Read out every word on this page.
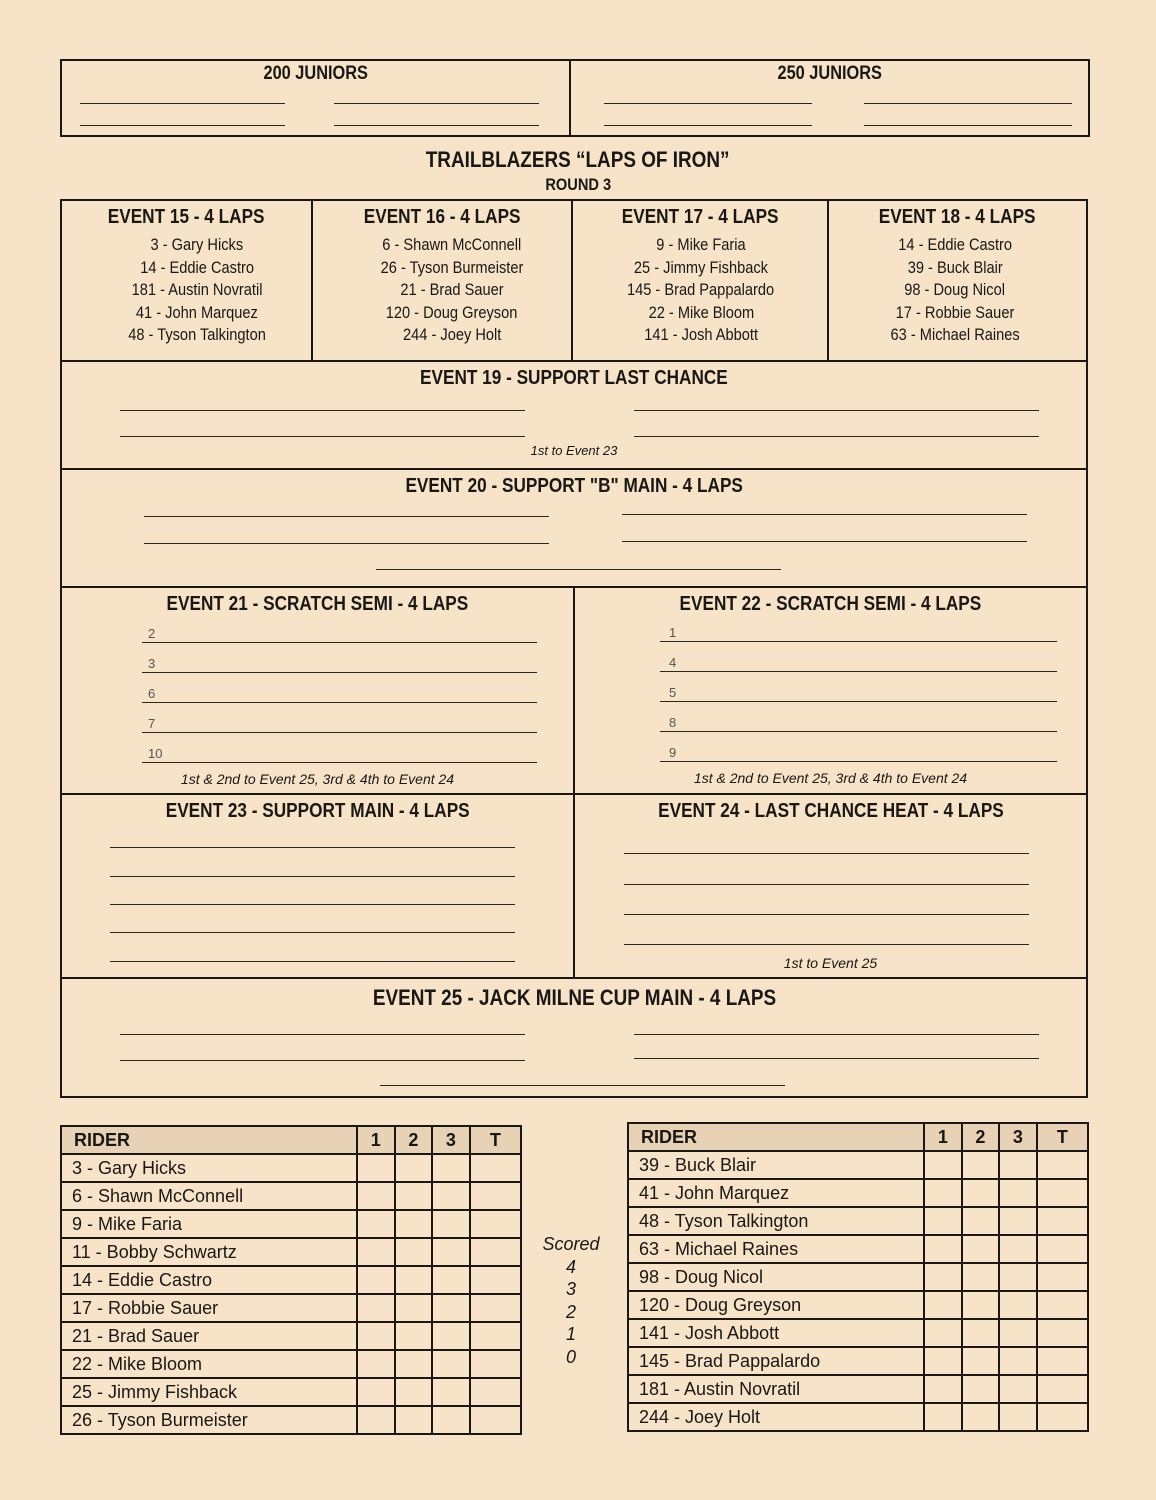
200 JUNIORS	250 JUNIORS
TRAILBLAZERS “LAPS OF IRON”
ROUND 3
EVENT 15 - 4 LAPS
3 - Gary Hicks
14 - Eddie Castro
181 - Austin Novratil
41 - John Marquez
48 - Tyson Talkington
EVENT 16 - 4 LAPS
6 - Shawn McConnell
26 - Tyson Burmeister
21 - Brad Sauer
120 - Doug Greyson
244 - Joey Holt
EVENT 17 - 4 LAPS
9 - Mike Faria
25 - Jimmy Fishback
145 - Brad Pappalardo
22 - Mike Bloom
141 - Josh Abbott
EVENT 18 - 4 LAPS
14 - Eddie Castro
39 - Buck Blair
98 - Doug Nicol
17 - Robbie Sauer
63 - Michael Raines
EVENT 19 - SUPPORT LAST CHANCE
1st to Event 23
EVENT 20 - SUPPORT "B" MAIN - 4 LAPS
EVENT 21 - SCRATCH SEMI - 4 LAPS
2
3
6
7
10
1st & 2nd to Event 25, 3rd & 4th to Event 24
EVENT 22 - SCRATCH SEMI - 4 LAPS
1
4
5
8
9
1st & 2nd to Event 25, 3rd & 4th to Event 24
EVENT 23 - SUPPORT MAIN - 4 LAPS	EVENT 24 - LAST CHANCE HEAT - 4 LAPS
1st to Event 25
EVENT 25 - JACK MILNE CUP MAIN - 4 LAPS
RIDER	1	2	3	T
3 - Gary Hicks				
6 - Shawn McConnell				
9 - Mike Faria				
11 - Bobby Schwartz				
14 - Eddie Castro				
17 - Robbie Sauer				
21 - Brad Sauer				
22 - Mike Bloom				
25 - Jimmy Fishback				
26 - Tyson Burmeister				
Scored
4
3
2
1
0
RIDER	1	2	3	T
39 - Buck Blair				
41 - John Marquez				
48 - Tyson Talkington				
63 - Michael Raines				
98 - Doug Nicol				
120 - Doug Greyson				
141 - Josh Abbott				
145 - Brad Pappalardo				
181 - Austin Novratil				
244 - Joey Holt				
